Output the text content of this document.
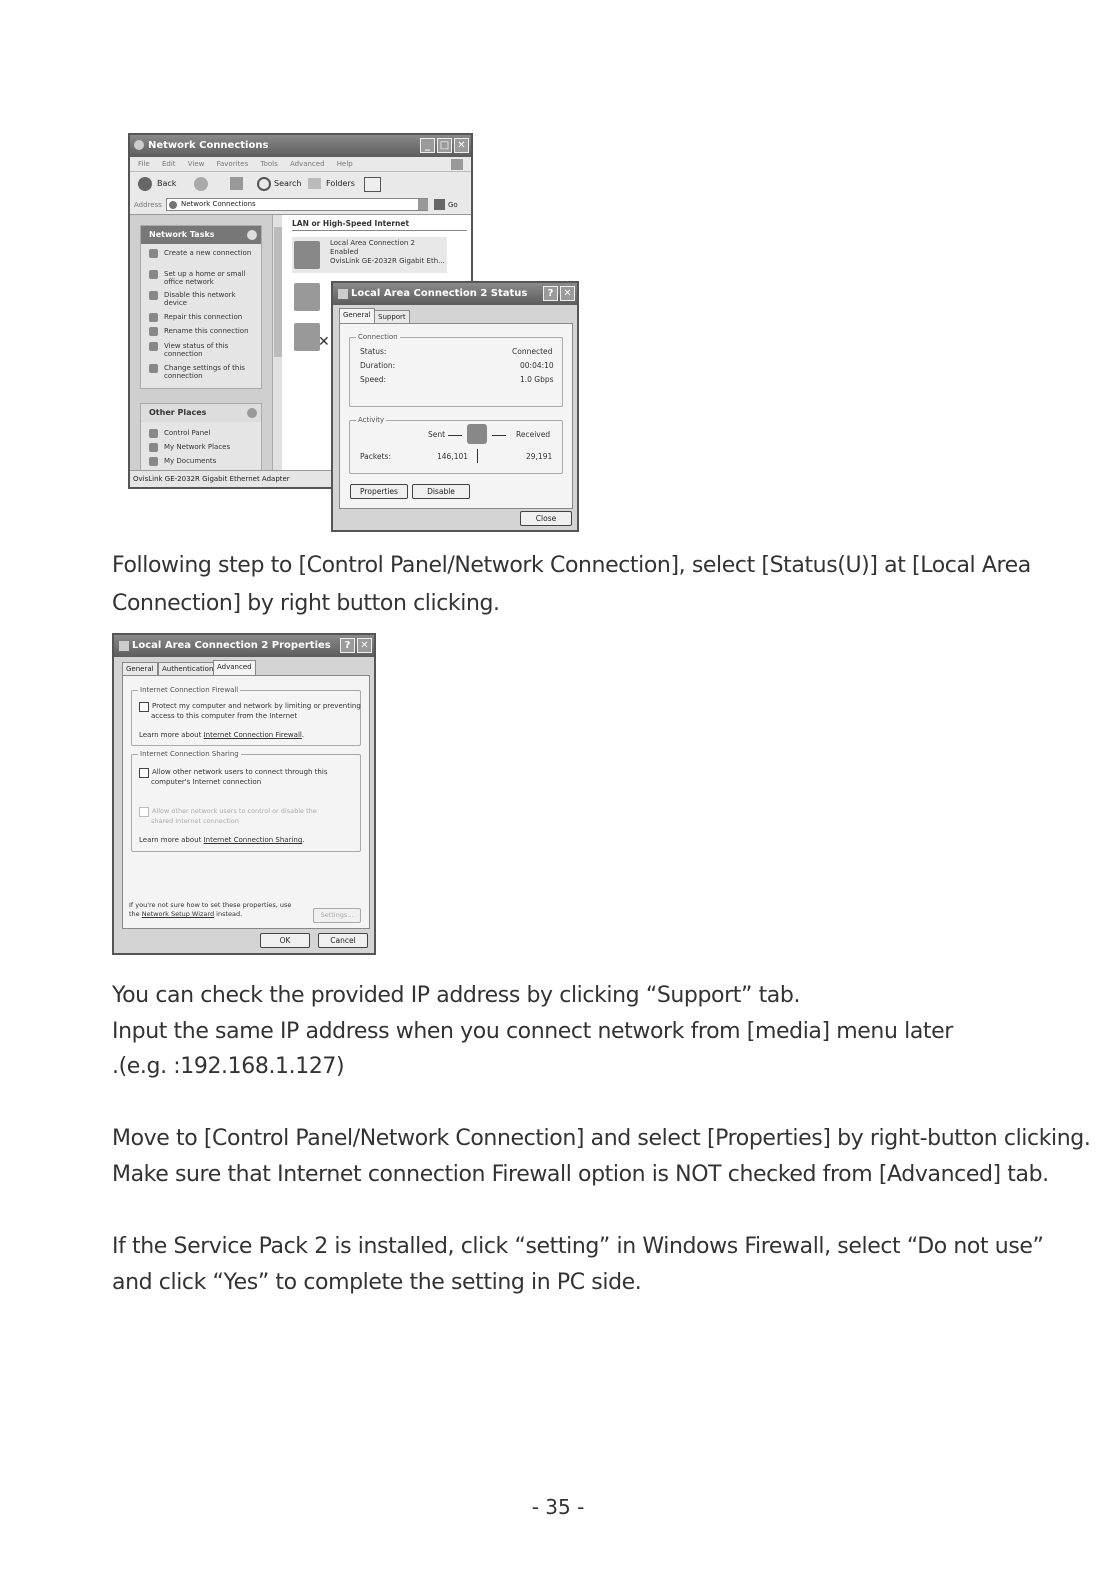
Network Connections	_ □ ✕
File Edit View Favorites Tools Advanced Help
Back	Search	Folders
Address	Network Connections	Go
Network Tasks
Create a new connection
Set up a home or small office network
Disable this network device
Repair this connection
Rename this connection
View status of this connection
Change settings of this connection
Other Places
Control Panel
My Network Places
My Documents
LAN or High-Speed Internet
Local Area Connection 2
Enabled
OvisLink GE-2032R Gigabit Eth...
✕
OvisLink GE-2032R Gigabit Ethernet Adapter
Local Area Connection 2 Status	? ✕
General	Support
Connection
Status:	Connected
Duration:	00:04:10
Speed:	1.0 Gbps
Activity
Sent	Received
Packets:	146,101	29,191
Properties	Disable
Close
Following step to [Control Panel/Network Connection], select [Status(U)] at [Local Area
Connection] by right button clicking.
Local Area Connection 2 Properties	? ✕
General	Authentication Advanced
Internet Connection Firewall
Protect my computer and network by limiting or preventing
access to this computer from the Internet
Learn more about Internet Connection Firewall.
Internet Connection Sharing
Allow other network users to connect through this
computer's Internet connection
Allow other network users to control or disable the
shared Internet connection
Learn more about Internet Connection Sharing.
If you're not sure how to set these properties, use
the Network Setup Wizard instead.	Settings...
OK	Cancel
You can check the provided IP address by clicking “Support” tab.
Input the same IP address when you connect network from [media] menu later
.(e.g. :192.168.1.127)
Move to [Control Panel/Network Connection] and select [Properties] by right-button clicking.
Make sure that Internet connection Firewall option is NOT checked from [Advanced] tab.
If the Service Pack 2 is installed, click “setting” in Windows Firewall, select “Do not use”
and click “Yes” to complete the setting in PC side.
- 35 -
